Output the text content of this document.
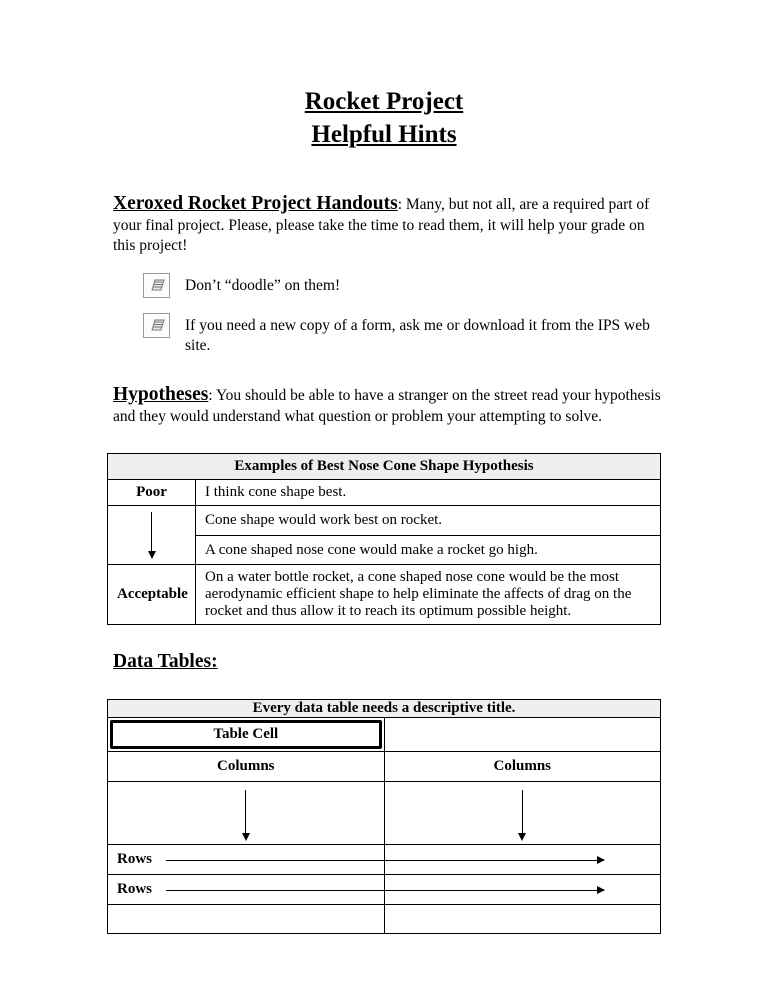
Rocket Project
Helpful Hints

Xeroxed Rocket Project Handouts: Many, but not all, are a required part of your final project. Please, please take the time to read them, it will help your grade on this project!

Don’t “doodle” on them!
If you need a new copy of a form, ask me or download it from the IPS web site.

Hypotheses: You should be able to have a stranger on the street read your hypothesis and they would understand what question or problem your attempting to solve.

Examples of Best Nose Cone Shape Hypothesis	
Poor	I think cone shape best.

	Cone shape would work best on rocket.
	A cone shaped nose cone would make a rocket go high.
Acceptable	On a water bottle rocket, a cone shaped nose cone would be the most aerodynamic efficient shape to help eliminate the affects of drag on the rocket and thus allow it to reach its optimum possible height.
Data Tables:
Every data table needs a descriptive title.	

Table Cell	

Columns	Columns

Rows	

Rows	
